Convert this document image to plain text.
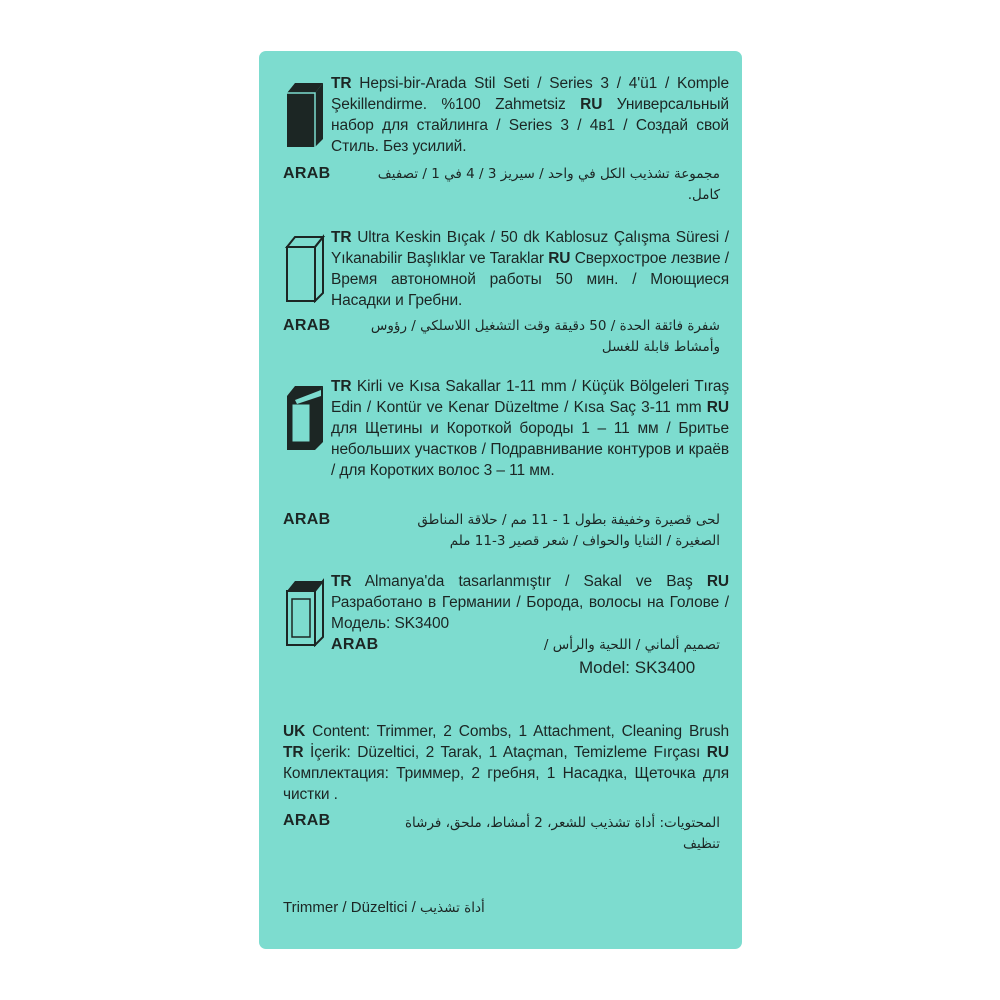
TR Hepsi-bir-Arada Stil Seti / Series 3 / 4'ü1 / Komple Şekillendirme. %100 Zahmetsiz RU Универсальный набор для стайлинга / Series 3 / 4в1 / Создай свой Стиль. Без усилий.
ARAB	مجموعة تشذيب الكل في واحد / سيريز 3 / 4 في 1 / تصفيف كامل.
TR Ultra Keskin Bıçak / 50 dk Kablosuz Çalışma Süresi / Yıkanabilir Başlıklar ve Taraklar RU Сверхострое лезвие / Время автономной работы 50 мин. / Моющиеся Насадки и Гребни.
ARAB	شفرة فائقة الحدة / 50 دقيقة وقت التشغيل اللاسلكي / رؤوس وأمشاط قابلة للغسل
TR Kirli ve Kısa Sakallar 1-11 mm / Küçük Bölgeleri Tıraş Edin / Kontür ve Kenar Düzeltme / Kısa Saç 3-11 mm RU для Щетины и Короткой бороды 1 – 11 мм / Бритье небольших участков / Подравнивание контуров и краёв / для Коротких волос 3 – 11 мм.
ARAB	لحى قصيرة وخفيفة بطول 1 - 11 مم / حلاقة المناطق الصغيرة / الثنايا والحواف / شعر قصير 3-11 ملم
TR Almanya'da tasarlanmıştır / Sakal ve Baş RU Разработано в Германии / Борода, волосы на Голове / Модель: SK3400
ARAB	تصميم ألماني / اللحية والرأس /
Model: SK3400
UK Content: Trimmer, 2 Combs, 1 Attachment, Cleaning Brush TR İçerik: Düzeltici, 2 Tarak, 1 Ataçman, Temizleme Fırçası RU Комплектация: Триммер, 2 гребня, 1 Насадка, Щеточка для чистки .
ARAB	المحتويات: أداة تشذيب للشعر، 2 أمشاط، ملحق، فرشاة تنظيف
Trimmer / Düzeltici / أداة تشذيب
